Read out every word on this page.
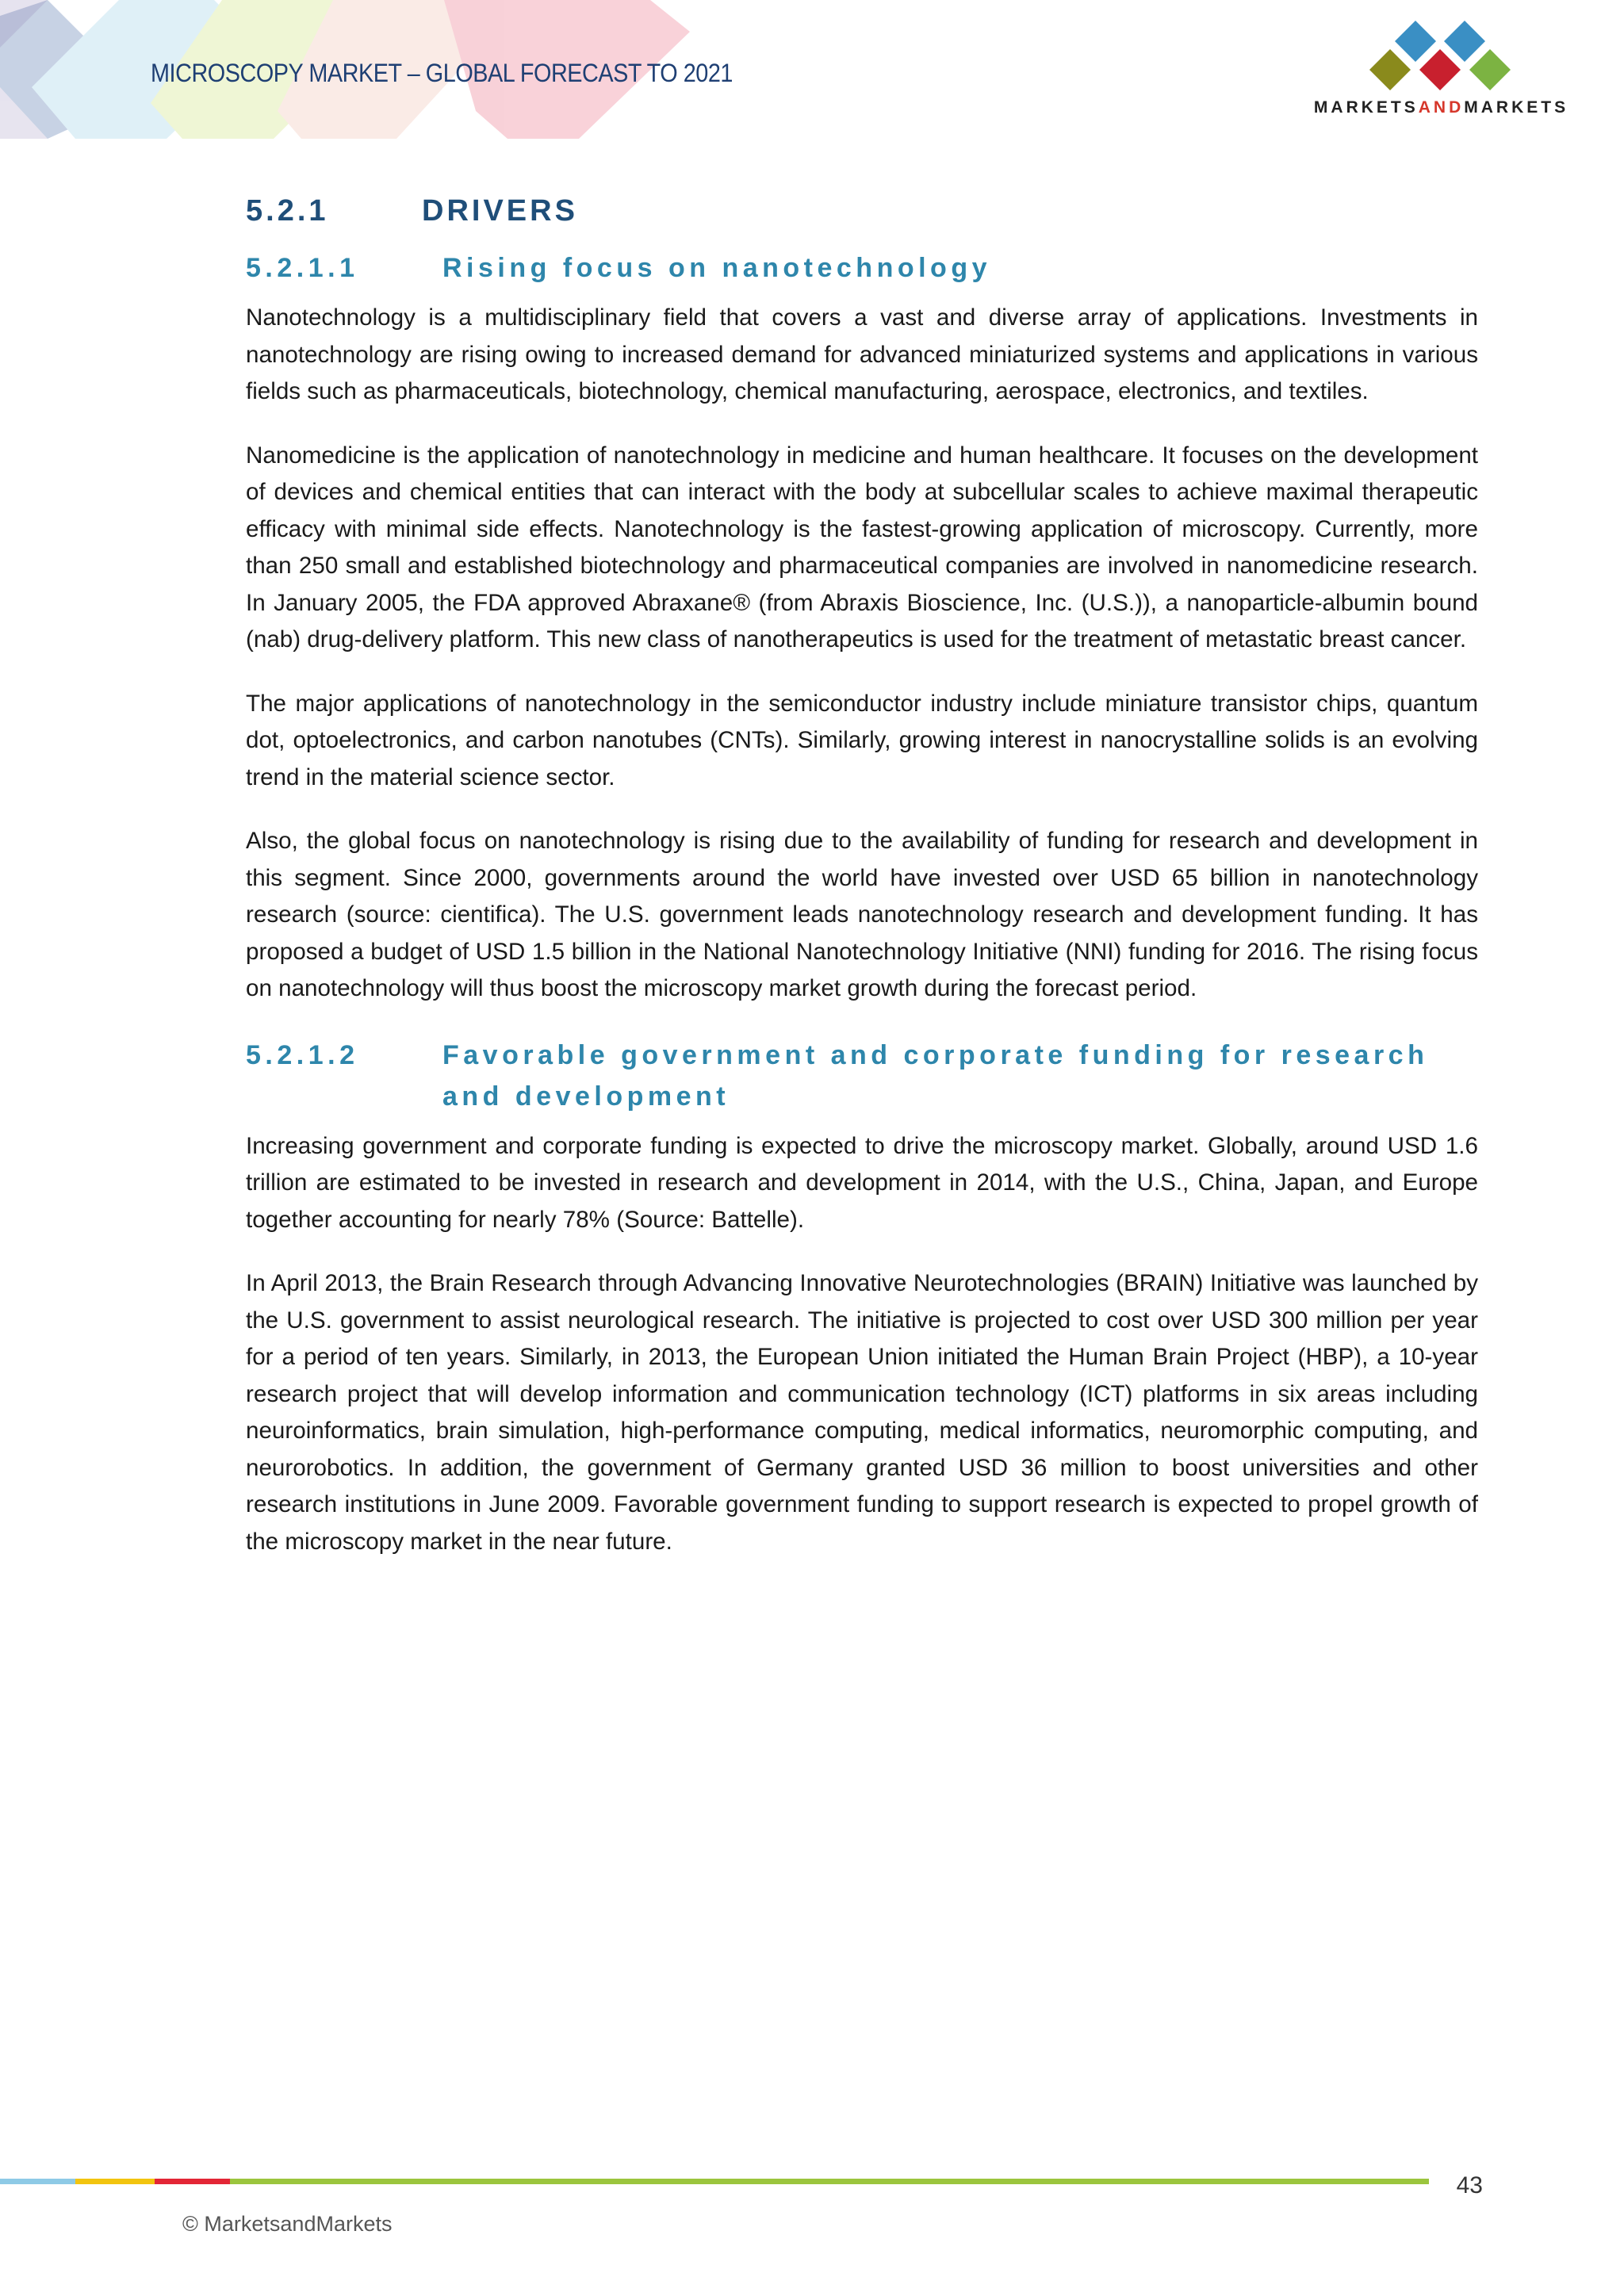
MICROSCOPY MARKET – GLOBAL FORECAST TO 2021
MARKETSANDMARKETS
5.2.1	DRIVERS
5.2.1.1	Rising focus on nanotechnology

Nanotechnology is a multidisciplinary field that covers a vast and diverse array of applications. Investments in nanotechnology are rising owing to increased demand for advanced miniaturized systems and applications in various fields such as pharmaceuticals, biotechnology, chemical manufacturing, aerospace, electronics, and textiles.

Nanomedicine is the application of nanotechnology in medicine and human healthcare. It focuses on the development of devices and chemical entities that can interact with the body at subcellular scales to achieve maximal therapeutic efficacy with minimal side effects. Nanotechnology is the fastest-growing application of microscopy. Currently, more than 250 small and established biotechnology and pharmaceutical companies are involved in nanomedicine research. In January 2005, the FDA approved Abraxane® (from Abraxis Bioscience, Inc. (U.S.)), a nanoparticle-albumin bound (nab) drug-delivery platform. This new class of nanotherapeutics is used for the treatment of metastatic breast cancer.

The major applications of nanotechnology in the semiconductor industry include miniature transistor chips, quantum dot, optoelectronics, and carbon nanotubes (CNTs). Similarly, growing interest in nanocrystalline solids is an evolving trend in the material science sector.

Also, the global focus on nanotechnology is rising due to the availability of funding for research and development in this segment. Since 2000, governments around the world have invested over USD 65 billion in nanotechnology research (source: cientifica). The U.S. government leads nanotechnology research and development funding. It has proposed a budget of USD 1.5 billion in the National Nanotechnology Initiative (NNI) funding for 2016. The rising focus on nanotechnology will thus boost the microscopy market growth during the forecast period.

5.2.1.2	Favorable government and corporate funding for research and development

Increasing government and corporate funding is expected to drive the microscopy market. Globally, around USD 1.6 trillion are estimated to be invested in research and development in 2014, with the U.S., China, Japan, and Europe together accounting for nearly 78% (Source: Battelle).

In April 2013, the Brain Research through Advancing Innovative Neurotechnologies (BRAIN) Initiative was launched by the U.S. government to assist neurological research. The initiative is projected to cost over USD 300 million per year for a period of ten years. Similarly, in 2013, the European Union initiated the Human Brain Project (HBP), a 10-year research project that will develop information and communication technology (ICT) platforms in six areas including neuroinformatics, brain simulation, high-performance computing, medical informatics, neuromorphic computing, and neurorobotics. In addition, the government of Germany granted USD 36 million to boost universities and other research institutions in June 2009. Favorable government funding to support research is expected to propel growth of the microscopy market in the near future.

43
© MarketsandMarkets
